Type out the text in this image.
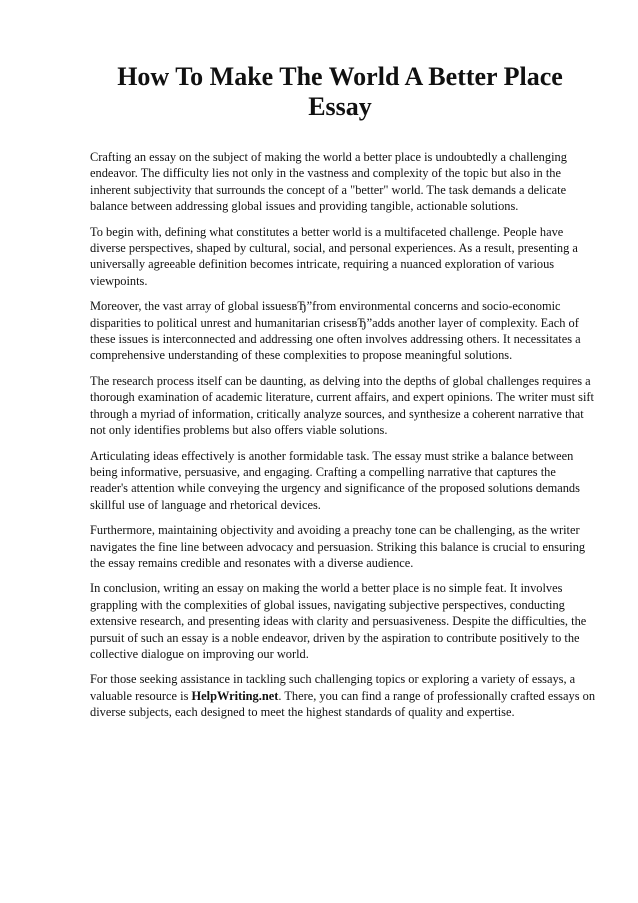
How To Make The World A Better Place Essay

Crafting an essay on the subject of making the world a better place is undoubtedly a challenging endeavor. The difficulty lies not only in the vastness and complexity of the topic but also in the inherent subjectivity that surrounds the concept of a "better" world. The task demands a delicate balance between addressing global issues and providing tangible, actionable solutions.

To begin with, defining what constitutes a better world is a multifaceted challenge. People have diverse perspectives, shaped by cultural, social, and personal experiences. As a result, presenting a universally agreeable definition becomes intricate, requiring a nuanced exploration of various viewpoints.

Moreover, the vast array of global issuesвЂ”from environmental concerns and socio-economic disparities to political unrest and humanitarian crisesвЂ”adds another layer of complexity. Each of these issues is interconnected and addressing one often involves addressing others. It necessitates a comprehensive understanding of these complexities to propose meaningful solutions.

The research process itself can be daunting, as delving into the depths of global challenges requires a thorough examination of academic literature, current affairs, and expert opinions. The writer must sift through a myriad of information, critically analyze sources, and synthesize a coherent narrative that not only identifies problems but also offers viable solutions.

Articulating ideas effectively is another formidable task. The essay must strike a balance between being informative, persuasive, and engaging. Crafting a compelling narrative that captures the reader's attention while conveying the urgency and significance of the proposed solutions demands skillful use of language and rhetorical devices.

Furthermore, maintaining objectivity and avoiding a preachy tone can be challenging, as the writer navigates the fine line between advocacy and persuasion. Striking this balance is crucial to ensuring the essay remains credible and resonates with a diverse audience.

In conclusion, writing an essay on making the world a better place is no simple feat. It involves grappling with the complexities of global issues, navigating subjective perspectives, conducting extensive research, and presenting ideas with clarity and persuasiveness. Despite the difficulties, the pursuit of such an essay is a noble endeavor, driven by the aspiration to contribute positively to the collective dialogue on improving our world.

For those seeking assistance in tackling such challenging topics or exploring a variety of essays, a valuable resource is HelpWriting.net. There, you can find a range of professionally crafted essays on diverse subjects, each designed to meet the highest standards of quality and expertise.
